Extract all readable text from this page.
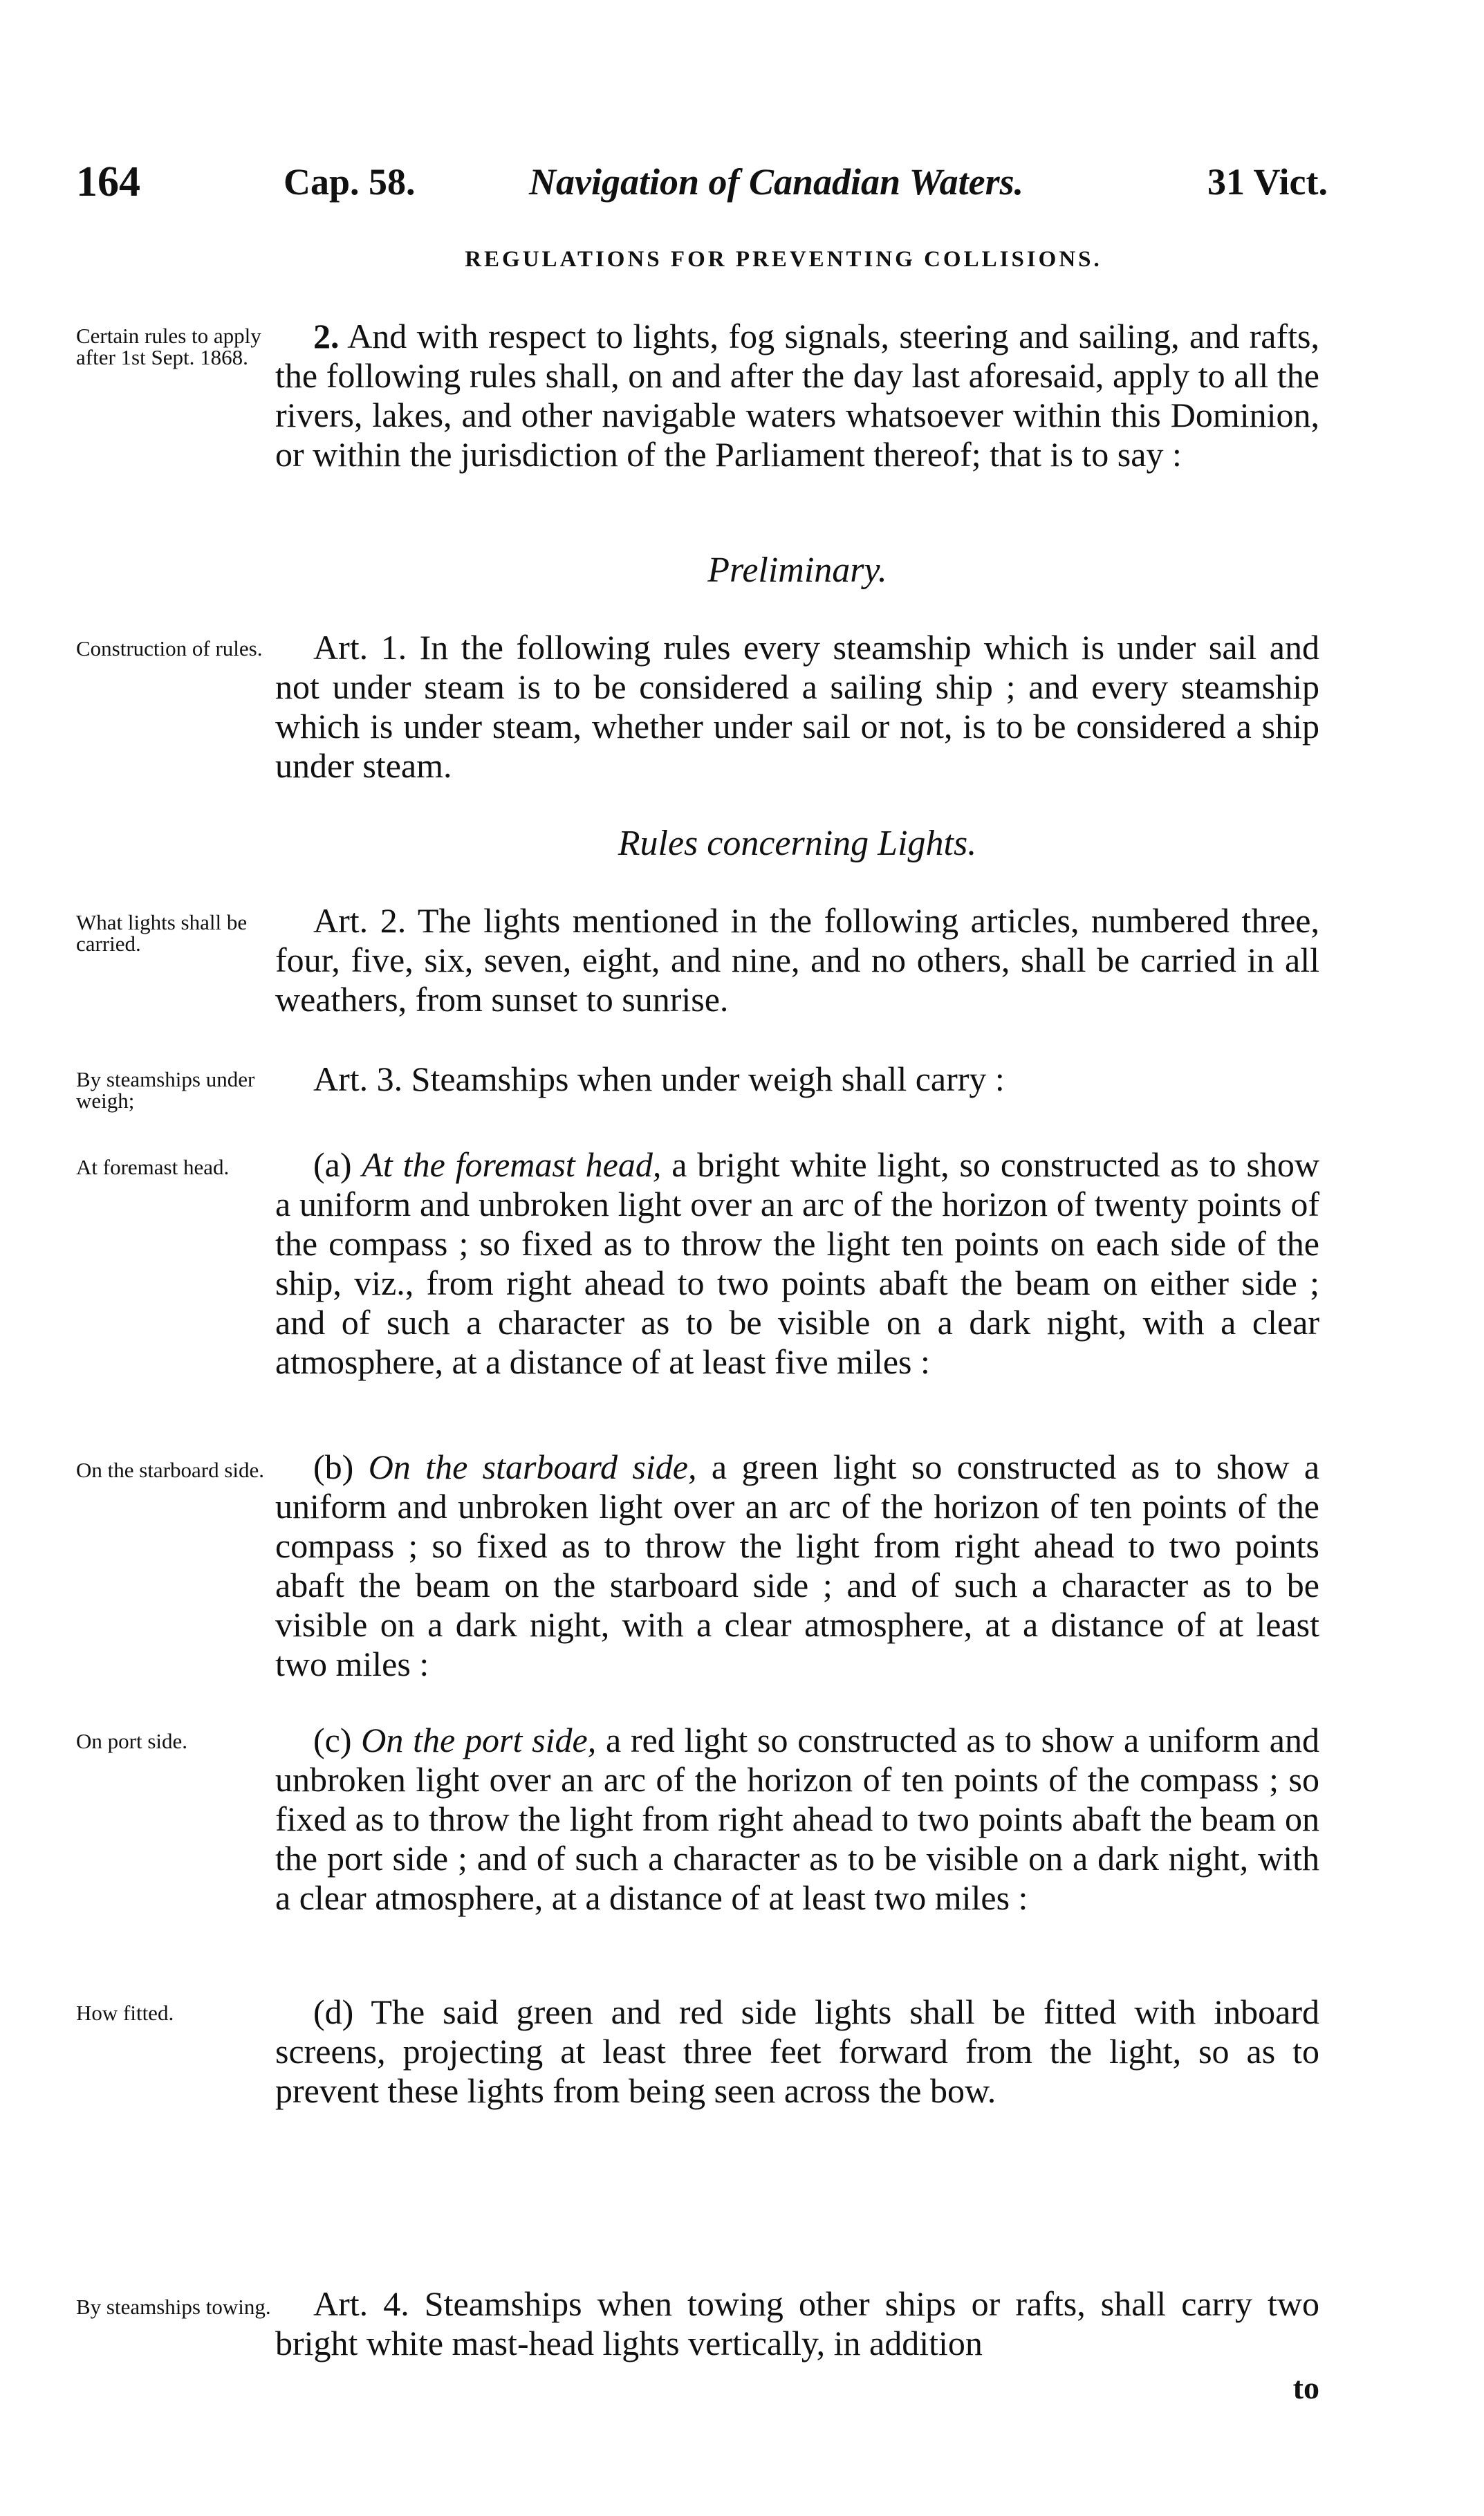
164	Cap. 58.	Navigation of Canadian Waters.	31 Vict.
REGULATIONS FOR PREVENTING COLLISIONS.
Certain rules to apply after 1st Sept. 1868.
2. And with respect to lights, fog signals, steering and sailing, and rafts, the following rules shall, on and after the day last aforesaid, apply to all the rivers, lakes, and other navigable waters whatsoever within this Dominion, or within the jurisdiction of the Parliament thereof; that is to say :
Preliminary.
Construction of rules.	Art. 1. In the following rules every steamship which is under sail and not under steam is to be considered a sailing ship ; and every steamship which is under steam, whether under sail or not, is to be considered a ship under steam.
Rules concerning Lights.
What lights shall be carried.
Art. 2. The lights mentioned in the following articles, numbered three, four, five, six, seven, eight, and nine, and no others, shall be carried in all weathers, from sunset to sunrise.
By steamships under weigh;
Art. 3. Steamships when under weigh shall carry :
At foremast head.	(a) At the foremast head, a bright white light, so constructed as to show a uniform and unbroken light over an arc of the horizon of twenty points of the compass ; so fixed as to throw the light ten points on each side of the ship, viz., from right ahead to two points abaft the beam on either side ; and of such a character as to be visible on a dark night, with a clear atmosphere, at a distance of at least five miles :
On the starboard side.	(b) On the starboard side, a green light so constructed as to show a uniform and unbroken light over an arc of the horizon of ten points of the compass ; so fixed as to throw the light from right ahead to two points abaft the beam on the starboard side ; and of such a character as to be visible on a dark night, with a clear atmosphere, at a distance of at least two miles :
On port side.	(c) On the port side, a red light so constructed as to show a uniform and unbroken light over an arc of the horizon of ten points of the compass ; so fixed as to throw the light from right ahead to two points abaft the beam on the port side ; and of such a character as to be visible on a dark night, with a clear atmosphere, at a distance of at least two miles :
How fitted.	(d) The said green and red side lights shall be fitted with inboard screens, projecting at least three feet forward from the light, so as to prevent these lights from being seen across the bow.
By steamships towing.	Art. 4. Steamships when towing other ships or rafts, shall carry two bright white mast-head lights vertically, in addition
to
